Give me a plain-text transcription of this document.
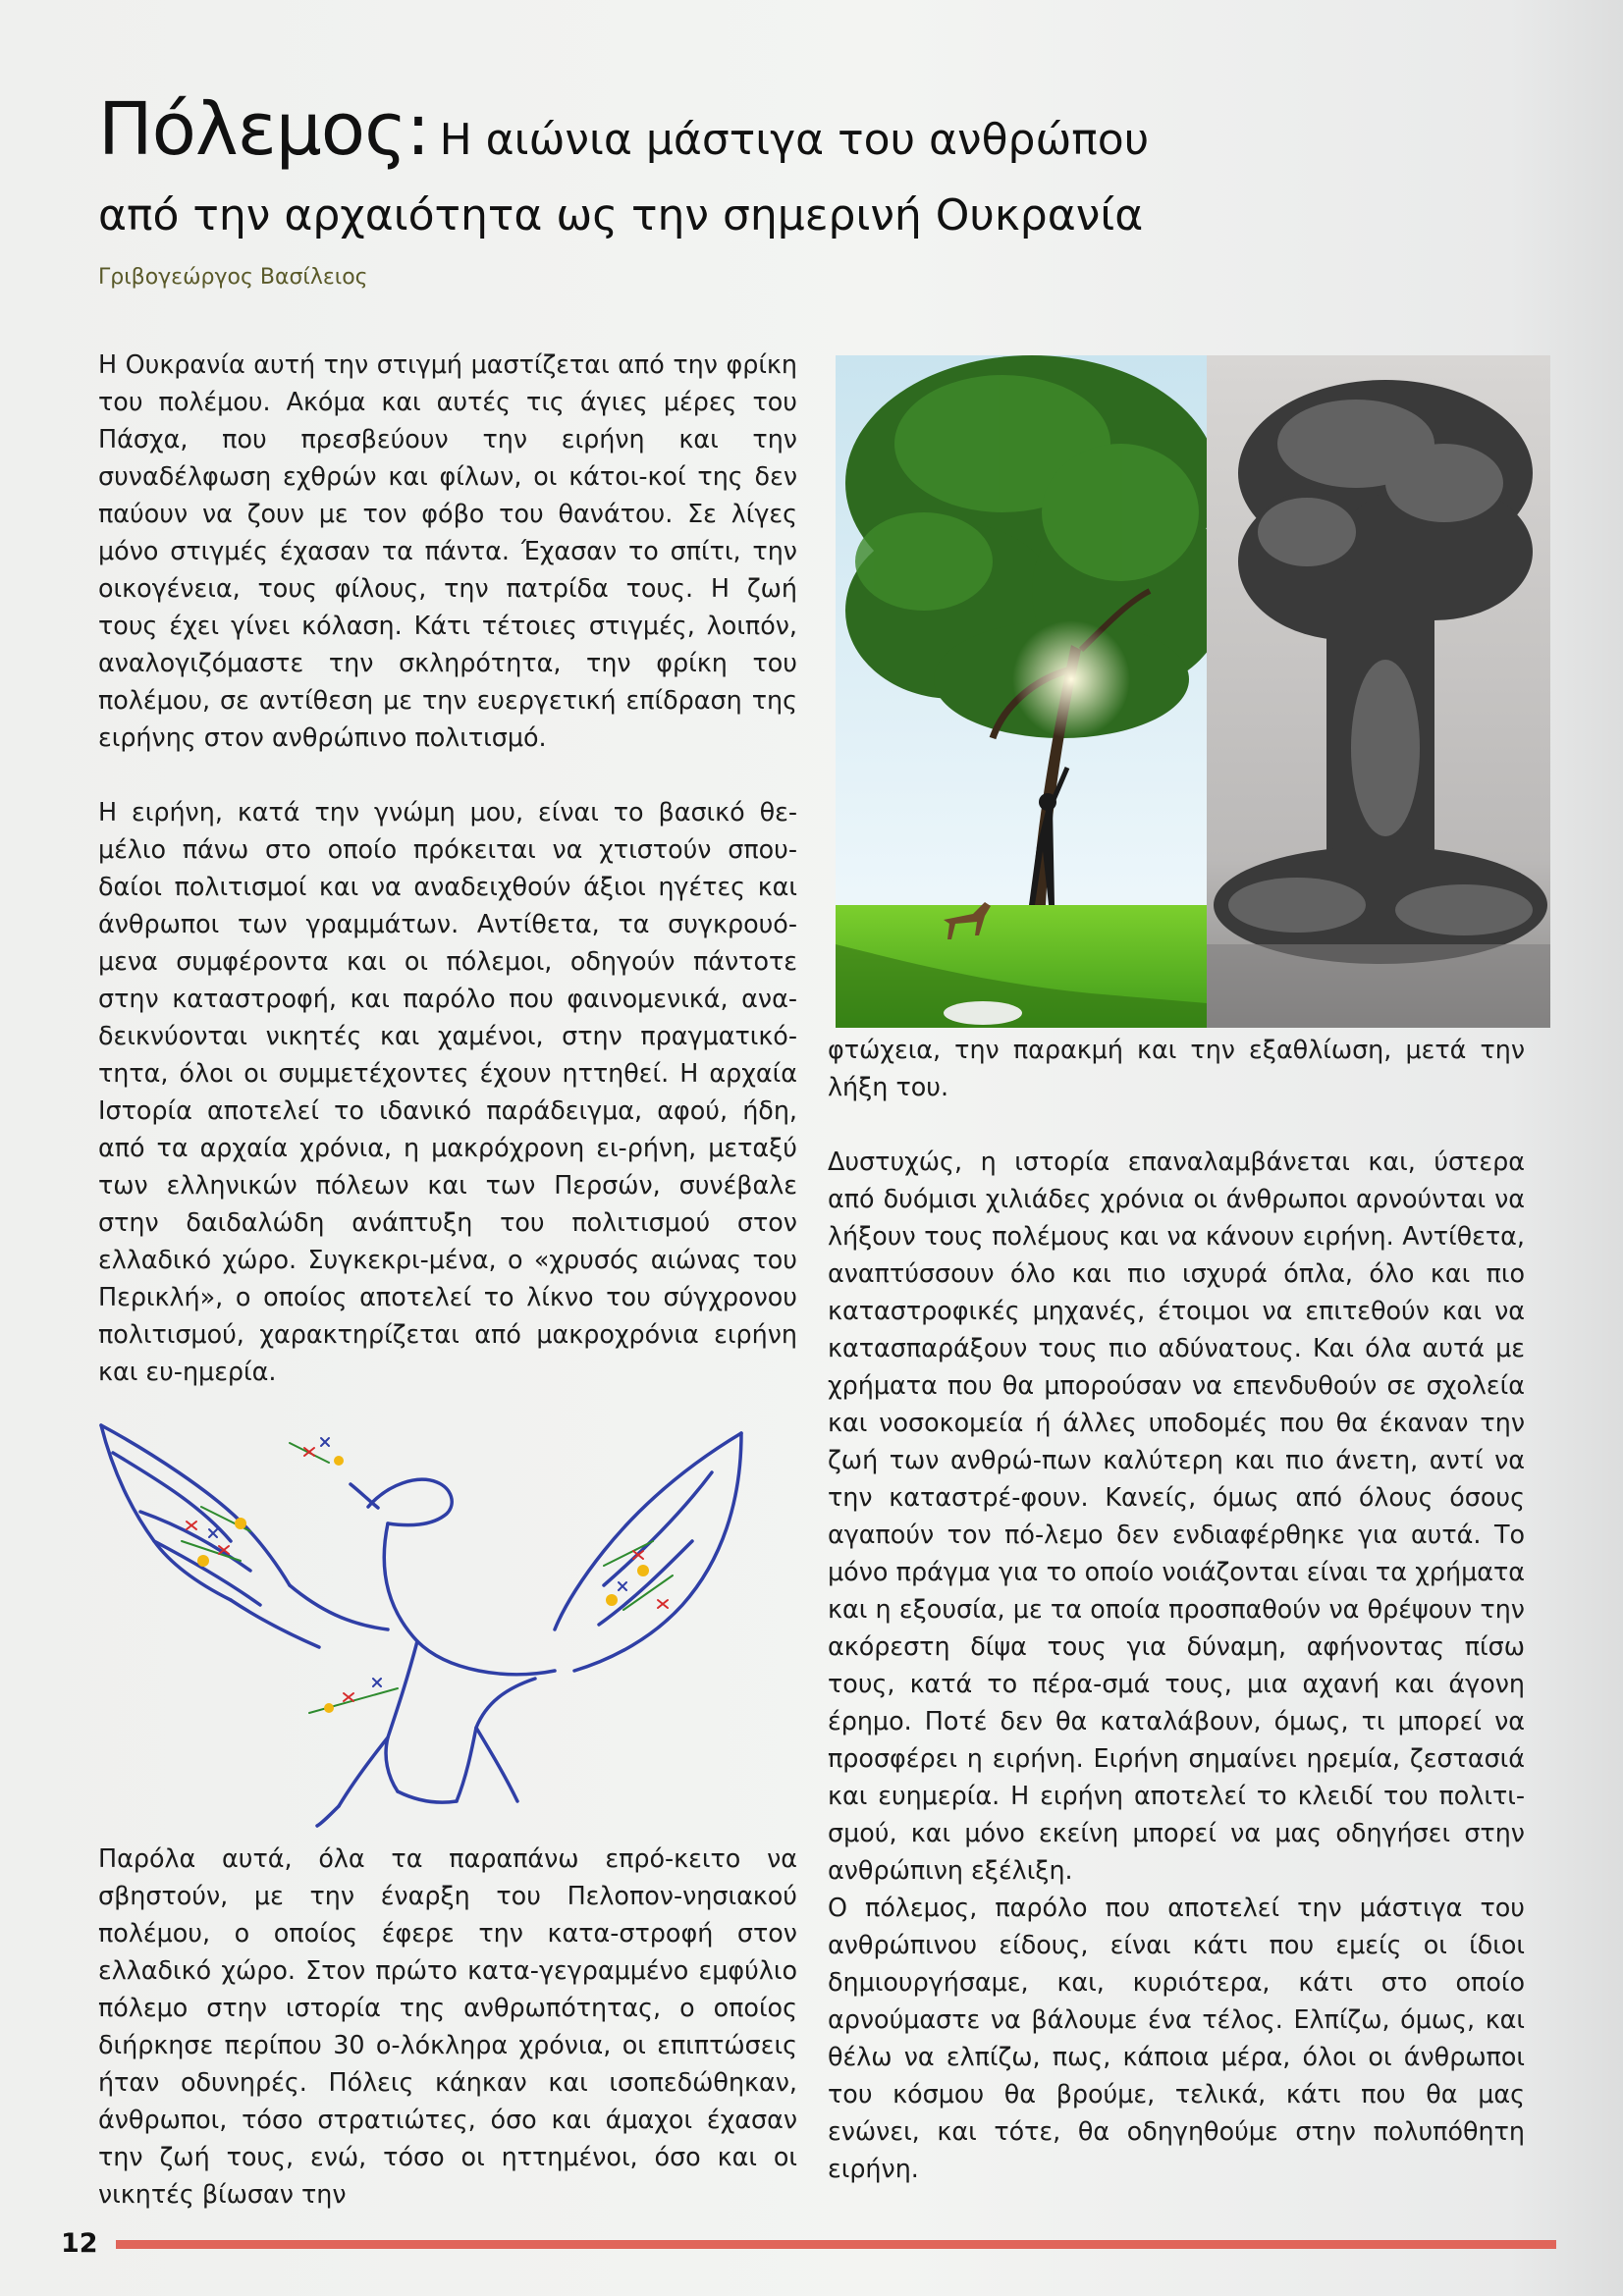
Πόλεμος: Η αιώνια μάστιγα του ανθρώπου
από την αρχαιότητα ως την σημερινή Ουκρανία
Γριβογεώργος Βασίλειος

Η Ουκρανία αυτή την στιγμή μαστίζεται από την φρίκη του πολέμου. Ακόμα και αυτές τις άγιες μέρες του Πάσχα, που πρεσβεύουν την ειρήνη και την συναδέλφωση εχθρών και φίλων, οι κάτοι-κοί της δεν παύουν να ζουν με τον φόβο του θανάτου. Σε λίγες μόνο στιγμές έχασαν τα πάντα. Έχασαν το σπίτι, την οικογένεια, τους φίλους, την πατρίδα τους. Η ζωή τους έχει γίνει κόλαση. Κάτι τέτοιες στιγμές, λοιπόν, αναλογιζόμαστε την σκληρότητα, την φρίκη του πολέμου, σε αντίθεση με την ευεργετική επίδραση της ειρήνης στον ανθρώπινο πολιτισμό.

Η ειρήνη, κατά την γνώμη μου, είναι το βασικό θε-μέλιο πάνω στο οποίο πρόκειται να χτιστούν σπου-δαίοι πολιτισμοί και να αναδειχθούν άξιοι ηγέτες και άνθρωποι των γραμμάτων. Αντίθετα, τα συγκρουό-μενα συμφέροντα και οι πόλεμοι, οδηγούν πάντοτε στην καταστροφή, και παρόλο που φαινομενικά, ανα-δεικνύονται νικητές και χαμένοι, στην πραγματικό-τητα, όλοι οι συμμετέχοντες έχουν ηττηθεί. Η αρχαία Ιστορία αποτελεί το ιδανικό παράδειγμα, αφού, ήδη, από τα αρχαία χρόνια, η μακρόχρονη ει-ρήνη, μεταξύ των ελληνικών πόλεων και των Περσών, συνέβαλε στην δαιδαλώδη ανάπτυξη του πολιτισμού στον ελλαδικό χώρο. Συγκεκρι-μένα, ο «χρυσός αιώνας του Περικλή», ο οποίος αποτελεί το λίκνο του σύγχρονου πολιτισμού, χαρακτηρίζεται από μακροχρόνια ειρήνη και ευ-ημερία.

Παρόλα αυτά, όλα τα παραπάνω επρό-κειτο να σβηστούν, με την έναρξη του Πελοπον-νησιακού πολέμου, ο οποίος έφερε την κατα-στροφή στον ελλαδικό χώρο. Στον πρώτο κατα-γεγραμμένο εμφύλιο πόλεμο στην ιστορία της ανθρωπότητας, ο οποίος διήρκησε περίπου 30 ο-λόκληρα χρόνια, οι επιπτώσεις ήταν οδυνηρές. Πόλεις κάηκαν και ισοπεδώθηκαν, άνθρωποι, τόσο στρατιώτες, όσο και άμαχοι έχασαν την ζωή τους, ενώ, τόσο οι ηττημένοι, όσο και οι νικητές βίωσαν την

φτώχεια, την παρακμή και την εξαθλίωση, μετά την λήξη του.

Δυστυχώς, η ιστορία επαναλαμβάνεται και, ύστερα από δυόμισι χιλιάδες χρόνια οι άνθρωποι αρνούνται να λήξουν τους πολέμους και να κάνουν ειρήνη. Αντίθετα, αναπτύσσουν όλο και πιο ισχυρά όπλα, όλο και πιο καταστροφικές μηχανές, έτοιμοι να επιτεθούν και να κατασπαράξουν τους πιο αδύνατους. Και όλα αυτά με χρήματα που θα μπορούσαν να επενδυθούν σε σχολεία και νοσοκομεία ή άλλες υποδομές που θα έκαναν την ζωή των ανθρώ-πων καλύτερη και πιο άνετη, αντί να την καταστρέ-φουν. Κανείς, όμως από όλους όσους αγαπούν τον πό-λεμο δεν ενδιαφέρθηκε για αυτά. Το μόνο πράγμα για το οποίο νοιάζονται είναι τα χρήματα και η εξουσία, με τα οποία προσπαθούν να θρέψουν την ακόρεστη δίψα τους για δύναμη, αφήνοντας πίσω τους, κατά το πέρα-σμά τους, μια αχανή και άγονη έρημο. Ποτέ δεν θα καταλάβουν, όμως, τι μπορεί να προσφέρει η ειρήνη. Ειρήνη σημαίνει ηρεμία, ζεστασιά και ευημερία. Η ειρήνη αποτελεί το κλειδί του πολιτι-σμού, και μόνο εκείνη μπορεί να μας οδηγήσει στην ανθρώπινη εξέλιξη.

Ο πόλεμος, παρόλο που αποτελεί την μάστιγα του ανθρώπινου είδους, είναι κάτι που εμείς οι ίδιοι δημιουργήσαμε, και, κυριότερα, κάτι στο οποίο αρνούμαστε να βάλουμε ένα τέλος. Ελπίζω, όμως, και θέλω να ελπίζω, πως, κάποια μέρα, όλοι οι άνθρωποι του κόσμου θα βρούμε, τελικά, κάτι που θα μας ενώνει, και τότε, θα οδηγηθούμε στην πολυπόθητη ειρήνη.

12
